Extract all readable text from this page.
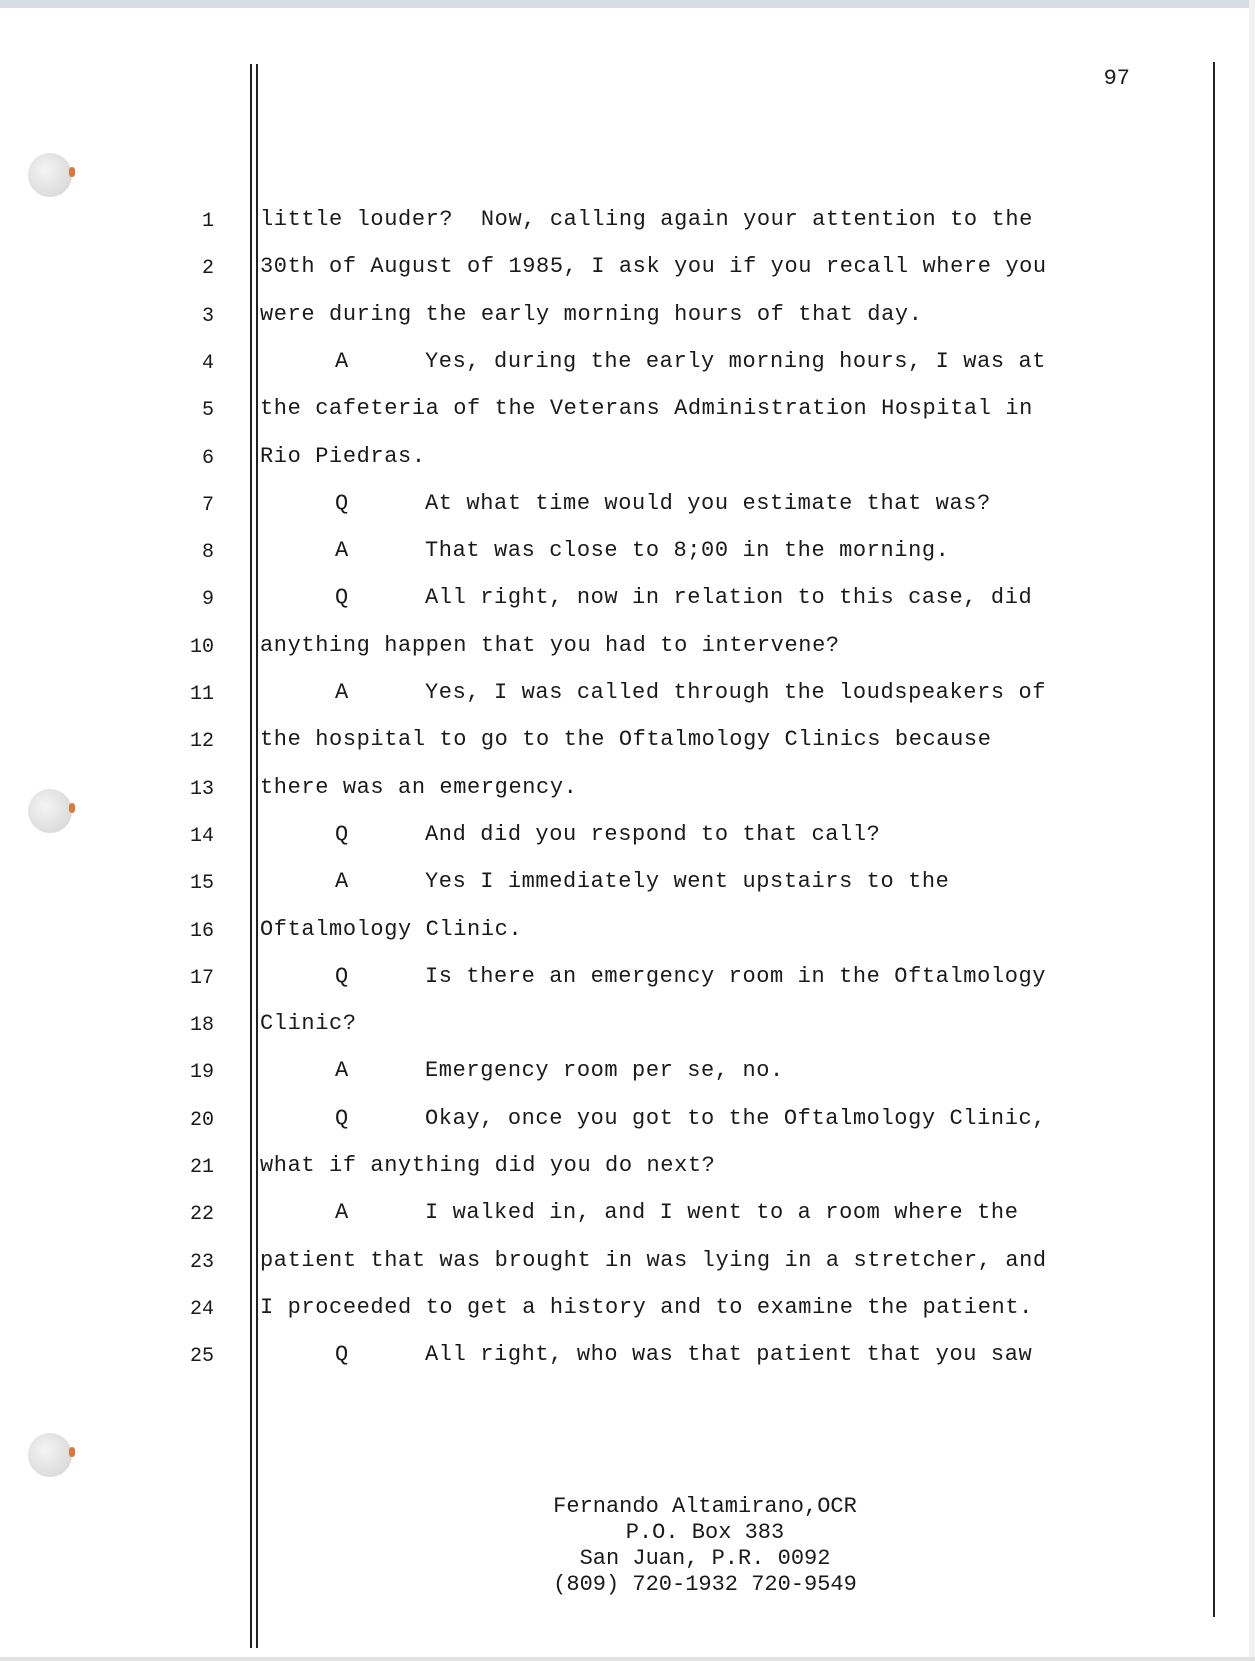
97
1 little louder?  Now, calling again your attention to the
2 30th of August of 1985, I ask you if you recall where you
3 were during the early morning hours of that day.
4	A	Yes, during the early morning hours, I was at
5 the cafeteria of the Veterans Administration Hospital in
6 Rio Piedras.
7	Q	At what time would you estimate that was?
8	A	That was close to 8;00 in the morning.
9	Q	All right, now in relation to this case, did
10 anything happen that you had to intervene?
11	A	Yes, I was called through the loudspeakers of
12 the hospital to go to the Oftalmology Clinics because
13 there was an emergency.
14	Q	And did you respond to that call?
15	A	Yes I immediately went upstairs to the
16 Oftalmology Clinic.
17	Q	Is there an emergency room in the Oftalmology
18 Clinic?
19	A	Emergency room per se, no.
20	Q	Okay, once you got to the Oftalmology Clinic,
21 what if anything did you do next?
22	A	I walked in, and I went to a room where the
23 patient that was brought in was lying in a stretcher, and
24 I proceeded to get a history and to examine the patient.
25	Q	All right, who was that patient that you saw
Fernando Altamirano,OCR
P.O. Box 383
San Juan, P.R. 0092
(809) 720-1932 720-9549
